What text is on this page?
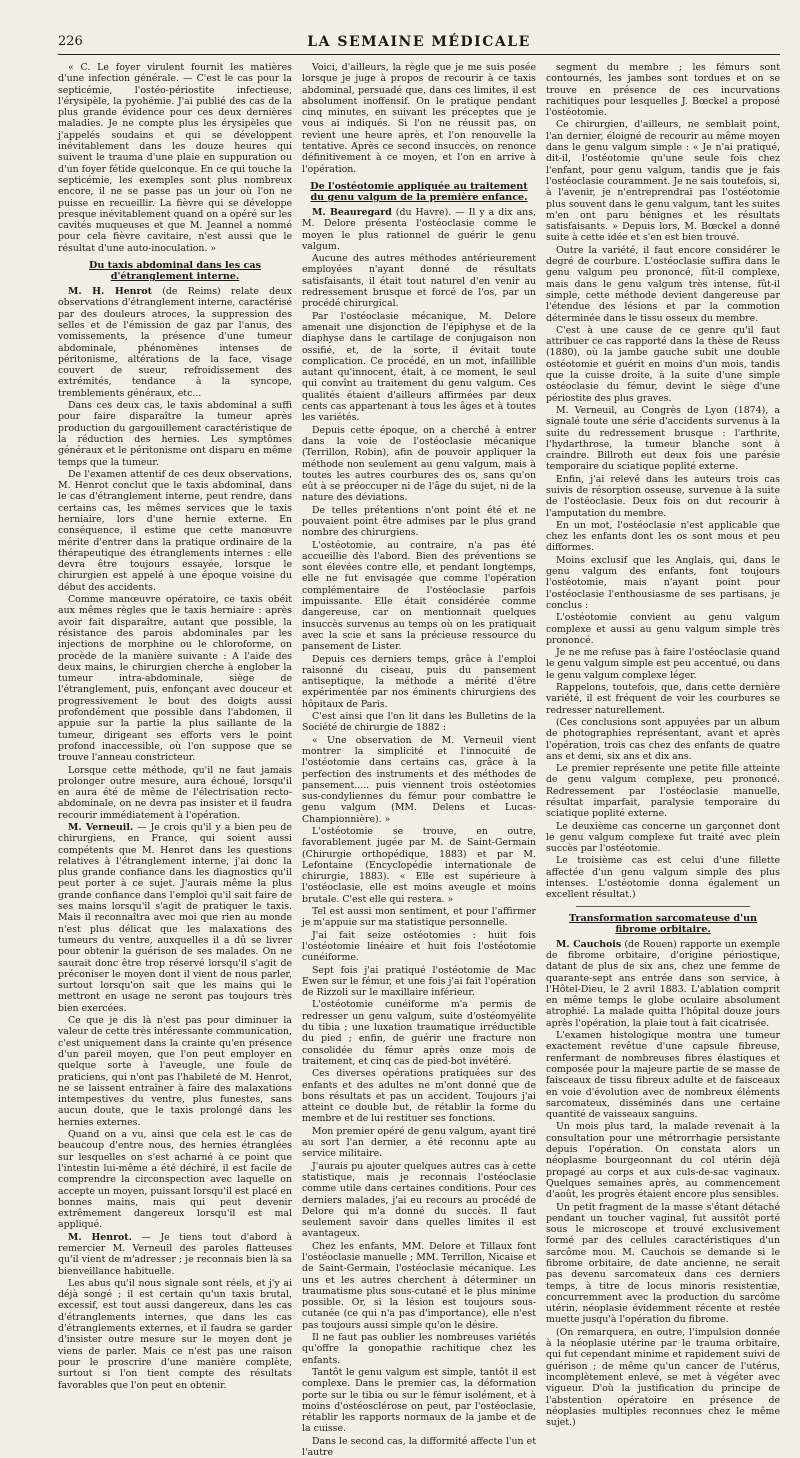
226	LA SEMAINE MÉDICALE

« C. Le foyer virulent fournit les matières d'une infection générale. — C'est le cas pour la septicémie, l'ostéo-périostite infectieuse, l'érysipèle, la pyohémie. J'ai publié des cas de la plus grande évidence pour ces deux dernières maladies. Je ne compte plus les érysipèles que j'appelés soudains et qui se développent inévitablement dans les douze heures qui suivent le trauma d'une plaie en suppuration ou d'un foyer fétide quelconque. En ce qui touche la septicémie, les exemples sont plus nombreux encore, il ne se passe pas un jour où l'on ne puisse en recueillir. La fièvre qui se développe presque inévitablement quand on a opéré sur les cavités muqueuses et que M. Jeannel a nommé pour cela fièvre cavitaire, n'est aussi que le résultat d'une auto-inoculation. »

Du taxis abdominal dans les cas d'étranglement interne.

M. H. Henrot (de Reims) relate deux observations d'étranglement interne, caractérisé par des douleurs atroces, la suppression des selles et de l'émission de gaz par l'anus, des vomissements, la présence d'une tumeur abdominale, phénomènes intenses de péritonisme, altérations de la face, visage couvert de sueur, refroidissement des extrémités, tendance à la syncope, tremblements généraux, etc...

Dans ces deux cas, le taxis abdominal a suffi pour faire disparaître la tumeur après production du gargouillement caractéristique de la réduction des hernies. Les symptômes généraux et le péritonisme ont disparu en même temps que la tumeur.

De l'examen attentif de ces deux observations, M. Henrot conclut que le taxis abdominal, dans le cas d'étranglement interne, peut rendre, dans certains cas, les mêmes services que le taxis herniaire, lors d'une hernie externe. En conséquence, il estime que cette manœuvre mérite d'entrer dans la pratique ordinaire de la thérapeutique des étranglements internes : elle devra être toujours essayée, lorsque le chirurgien est appelé à une époque voisine du début des accidents.

Comme manœuvre opératoire, ce taxis obéit aux mêmes règles que le taxis herniaire : après avoir fait disparaître, autant que possible, la résistance des parois abdominales par les injections de morphine ou le chloroforme, on procède de la manière suivante : A l'aide des deux mains, le chirurgien cherche à englober la tumeur intra-abdominale, siège de l'étranglement, puis, enfonçant avec douceur et progressivement le bout des doigts aussi profondément que possible dans l'abdomen, il appuie sur la partie la plus saillante de la tumeur, dirigeant ses efforts vers le point profond inaccessible, où l'on suppose que se trouve l'anneau constricteur.

Lorsque cette méthode, qu'il ne faut jamais prolonger outre mesure, aura échoué, lorsqu'il en aura été de même de l'électrisation recto-abdominale, on ne devra pas insister et il faudra recourir immédiatement à l'opération.

M. Verneuil. — Je crois qu'il y a bien peu de chirurgiens, en France, qui soient aussi compétents que M. Henrot dans les questions relatives à l'étranglement interne, j'ai donc la plus grande confiance dans les diagnostics qu'il peut porter à ce sujet. J'aurais même la plus grande confiance dans l'emploi qu'il sait faire de ses mains lorsqu'il s'agit de pratiquer le taxis. Mais il reconnaîtra avec moi que rien au monde n'est plus délicat que les malaxations des tumeurs du ventre, auxquelles il a dû se livrer pour obtenir la guérison de ses malades. On ne saurait donc être trop réservé lorsqu'il s'agit de préconiser le moyen dont il vient de nous parler, surtout lorsqu'on sait que les mains qui le mettront en usage ne seront pas toujours très bien exercées.

Ce que je dis là n'est pas pour diminuer la valeur de cette très intéressante communication, c'est uniquement dans la crainte qu'en présence d'un pareil moyen, que l'on peut employer en quelque sorte à l'aveugle, une foule de praticiens, qui n'ont pas l'habileté de M. Henrot, ne se laissent entraîner à faire des malaxations intempestives du ventre, plus funestes, sans aucun doute, que le taxis prolongé dans les hernies externes.

Quand on a vu, ainsi que cela est le cas de beaucoup d'entre nous, des hernies étranglées sur lesquelles on s'est acharné à ce point que l'intestin lui-même a été déchiré, il est facile de comprendre la circonspection avec laquelle on accepte un moyen, puissant lorsqu'il est placé en bonnes mains, mais qui peut devenir extrêmement dangereux lorsqu'il est mal appliqué.

M. Henrot. — Je tiens tout d'abord à remercier M. Verneuil des paroles flatteuses qu'il vient de m'adresser ; je reconnais bien là sa bienveillance habituelle.

Les abus qu'il nous signale sont réels, et j'y ai déjà songé ; il est certain qu'un taxis brutal, excessif, est tout aussi dangereux, dans les cas d'étranglements internes, que dans les cas d'étranglements externes, et il faudra se garder d'insister outre mesure sur le moyen dont je viens de parler. Mais ce n'est pas une raison pour le proscrire d'une manière complète, surtout si l'on tient compte des résultats favorables que l'on peut en obtenir.

Voici, d'ailleurs, la règle que je me suis posée lorsque je juge à propos de recourir à ce taxis abdominal, persuadé que, dans ces limites, il est absolument inoffensif. On le pratique pendant cinq minutes, en suivant les préceptes que je vous ai indiqués. Si l'on ne réussit pas, on revient une heure après, et l'on renouvelle la tentative. Après ce second insuccès, on renonce définitivement à ce moyen, et l'on en arrive à l'opération.

De l'ostéotomie appliquée au traitement du genu valgum de la première enfance.

M. Beauregard (du Havre). — Il y a dix ans, M. Delore présenta l'ostéoclasie comme le moyen le plus rationnel de guérir le genu valgum.

Aucune des autres méthodes antérieurement employées n'ayant donné de résultats satisfaisants, il était tout naturel d'en venir au redressement brusque et forcé de l'os, par un procédé chirurgical.

Par l'ostéoclasie mécanique, M. Delore amenait une disjonction de l'épiphyse et de la diaphyse dans le cartilage de conjugaison non ossifié, et, de la sorte, il évitait toute complication. Ce procédé, en un mot, infaillible autant qu'innocent, était, à ce moment, le seul qui convînt au traitement du genu valgum. Ces qualités étaient d'ailleurs affirmées par deux cents cas appartenant à tous les âges et à toutes les variétés.

Depuis cette époque, on a cherché à entrer dans la voie de l'ostéoclasie mécanique (Terrillon, Robin), afin de pouvoir appliquer la méthode non seulement au genu valgum, mais à toutes les autres courbures des os, sans qu'on eût à se préoccuper ni de l'âge du sujet, ni de la nature des déviations.

De telles prétentions n'ont point été et ne pouvaient point être admises par le plus grand nombre des chirurgiens.

L'ostéotomie, au contraire, n'a pas été accueillie dès l'abord. Bien des préventions se sont élevées contre elle, et pendant longtemps, elle ne fut envisagée que comme l'opération complémentaire de l'ostéoclasie parfois impuissante. Elle était considérée comme dangereuse, car on mentionnait quelques insuccès survenus au temps où on les pratiquait avec la scie et sans la précieuse ressource du pansement de Lister.

Depuis ces derniers temps, grâce à l'emploi raisonné du ciseau, puis du pansement antiseptique, la méthode a mérité d'être expérimentée par nos éminents chirurgiens des hôpitaux de Paris.

C'est ainsi que l'on lit dans les Bulletins de la Société de chirurgie de 1882 :

« Une observation de M. Verneuil vient montrer la simplicité et l'innocuité de l'ostéotomie dans certains cas, grâce à la perfection des instruments et des méthodes de pansement..... puis viennent trois ostéotomies sus-condyliennes du fémur pour combattre le genu valgum (MM. Delens et Lucas-Championnière). »

L'ostéotomie se trouve, en outre, favorablement jugée par M. de Saint-Germain (Chirurgie orthopédique, 1883) et par M. Lefontaine (Encyclopédie internationale de chirurgie, 1883). « Elle est supérieure à l'ostéoclasie, elle est moins aveugle et moins brutale. C'est elle qui restera. »

Tel est aussi mon sentiment, et pour l'affirmer je m'appuie sur ma statistique personnelle.

J'ai fait seize ostéotomies : huit fois l'ostéotomie linéaire et huit fois l'ostéotomie cunéiforme.

Sept fois j'ai pratiqué l'ostéotomie de Mac Ewen sur le fémur, et une fois j'ai fait l'opération de Rizzoli sur le maxillaire inférieur.

L'ostéotomie cunéiforme m'a permis de redresser un genu valgum, suite d'ostéomyélite du tibia ; une luxation traumatique irréductible du pied ; enfin, de guérir une fracture non consolidée du fémur après onze mois de traitement, et cinq cas de pied-bot invétéré.

Ces diverses opérations pratiquées sur des enfants et des adultes ne m'ont donné que de bons résultats et pas un accident. Toujours j'ai atteint ce double but, de rétablir la forme du membre et de lui restituer ses fonctions.

Mon premier opéré de genu valgum, ayant tiré au sort l'an dernier, a été reconnu apte au service militaire.

J'aurais pu ajouter quelques autres cas à cette statistique, mais je reconnais l'ostéoclasie comme utile dans certaines conditions. Pour ces derniers malades, j'ai eu recours au procédé de Delore qui m'a donné du succès. Il faut seulement savoir dans quelles limites il est avantageux.

Chez les enfants, MM. Delore et Tillaux font l'ostéoclasie manuelle ; MM. Terrillon, Nicaise et de Saint-Germain, l'ostéoclasie mécanique. Les uns et les autres cherchent à déterminer un traumatisme plus sous-cutané et le plus minime possible. Or, si la lésion est toujours sous-cutanée (ce qui n'a pas d'importance), elle n'est pas toujours aussi simple qu'on le désire.

Il ne faut pas oublier les nombreuses variétés qu'offre la gonopathie rachitique chez les enfants.

Tantôt le genu valgum est simple, tantôt il est complexe. Dans le premier cas, la déformation porte sur le tibia ou sur le fémur isolément, et à moins d'ostéosclérose on peut, par l'ostéoclasie, rétablir les rapports normaux de la jambe et de la cuisse.

Dans le second cas, la difformité affecte l'un et l'autre

segment du membre ; les fémurs sont contournés, les jambes sont tordues et on se trouve en présence de ces incurvations rachitiques pour lesquelles J. Bœckel a proposé l'ostéotomie.

Ce chirurgien, d'ailleurs, ne semblait point, l'an dernier, éloigné de recourir au même moyen dans le genu valgum simple : « Je n'ai pratiqué, dit-il, l'ostéotomie qu'une seule fois chez l'enfant, pour genu valgum, tandis que je fais l'ostéoclasie couramment. Je ne sais toutefois, si, à l'avenir, je n'entreprendrai pas l'ostéotomie plus souvent dans le genu valgum, tant les suites m'en ont paru bénignes et les résultats satisfaisants. » Depuis lors, M. Bœckel a donné suite à cette idée et s'en est bien trouvé.

Outre la variété, il faut encore considérer le degré de courbure. L'ostéoclasie suffira dans le genu valgum peu prononcé, fût-il complexe, mais dans le genu valgum très intense, fût-il simple, cette méthode devient dangereuse par l'étendue des lésions et par la commotion déterminée dans le tissu osseux du membre.

C'est à une cause de ce genre qu'il faut attribuer ce cas rapporté dans la thèse de Reuss (1880), où la jambe gauche subit une double ostéotomie et guérit en moins d'un mois, tandis que la cuisse droite, à la suite d'une simple ostéoclasie du fémur, devint le siège d'une périostite des plus graves.

M. Verneuil, au Congrès de Lyon (1874), a signalé toute une série d'accidents survenus à la suite du redressement brusque : l'arthrite, l'hydarthrose, la tumeur blanche sont à craindre. Billroth eut deux fois une parésie temporaire du sciatique poplité externe.

Enfin, j'ai relevé dans les auteurs trois cas suivis de résorption osseuse, survenue à la suite de l'ostéoclasie. Deux fois on dut recourir à l'amputation du membre.

En un mot, l'ostéoclasie n'est applicable que chez les enfants dont les os sont mous et peu difformes.

Moins exclusif que les Anglais, qui, dans le genu valgum des enfants, font toujours l'ostéotomie, mais n'ayant point pour l'ostéoclasie l'enthousiasme de ses partisans, je conclus :

L'ostéotomie convient au genu valgum complexe et aussi au genu valgum simple très prononcé.

Je ne me refuse pas à faire l'ostéoclasie quand le genu valgum simple est peu accentué, ou dans le genu valgum complexe léger.

Rappelons, toutefois, que, dans cette dernière variété, il est fréquent de voir les courbures se redresser naturellement.

(Ces conclusions sont appuyées par un album de photographies représentant, avant et après l'opération, trois cas chez des enfants de quatre ans et demi, six ans et dix ans.

Le premier représente une petite fille atteinte de genu valgum complexe, peu prononcé. Redressement par l'ostéoclasie manuelle, résultat imparfait, paralysie temporaire du sciatique poplité externe.

Le deuxième cas concerne un garçonnet dont le genu valgum complexe fut traité avec plein succès par l'ostéotomie.

Le troisième cas est celui d'une fillette affectée d'un genu valgum simple des plus intenses. L'ostéotomie donna également un excellent résultat.)

Transformation sarcomateuse d'un fibrome orbitaire.

M. Cauchois (de Rouen) rapporte un exemple de fibrome orbitaire, d'origine périostique, datant de plus de six ans, chez une femme de quarante-sept ans entrée dans son service, à l'Hôtel-Dieu, le 2 avril 1883. L'ablation comprit en même temps le globe oculaire absolument atrophié. La malade quitta l'hôpital douze jours après l'opération, la plaie tout à fait cicatrisée.

L'examen histologique montra une tumeur exactement revêtue d'une capsule fibreuse, renfermant de nombreuses fibres élastiques et composée pour la majeure partie de se masse de faisceaux de tissu fibreux adulte et de faisceaux en voie d'évolution avec de nombreux éléments sarcomateux, disséminés dans une certaine quantité de vaisseaux sanguins.

Un mois plus tard, la malade revenait à la consultation pour une métrorrhagie persistante depuis l'opération. On constata alors un néoplasme bourgeonnant du col utérin déjà propagé au corps et aux culs-de-sac vaginaux. Quelques semaines après, au commencement d'août, les progrès étaient encore plus sensibles.

Un petit fragment de la masse s'étant détaché pendant un toucher vaginal, fut aussitôt porté sous le microscope et trouvé exclusivement formé par des cellules caractéristiques d'un sarcôme mou. M. Cauchois se demande si le fibrome orbitaire, de date ancienne, ne serait pas devenu sarcomateux dans ces derniers temps, à titre de locus minoris resistentiæ, concurremment avec la production du sarcôme utérin, néoplasie évidemment récente et restée muette jusqu'à l'opération du fibrome.

(On remarquera, en outre, l'impulsion donnée à la néoplasie utérine par le trauma orbitaire, qui fut cependant minime et rapidement suivi de guérison ; de même qu'un cancer de l'utérus, incomplètement enlevé, se met à végéter avec vigueur. D'où la justification du principe de l'abstention opératoire en présence de néoplasies multiples reconnues chez le même sujet.)
